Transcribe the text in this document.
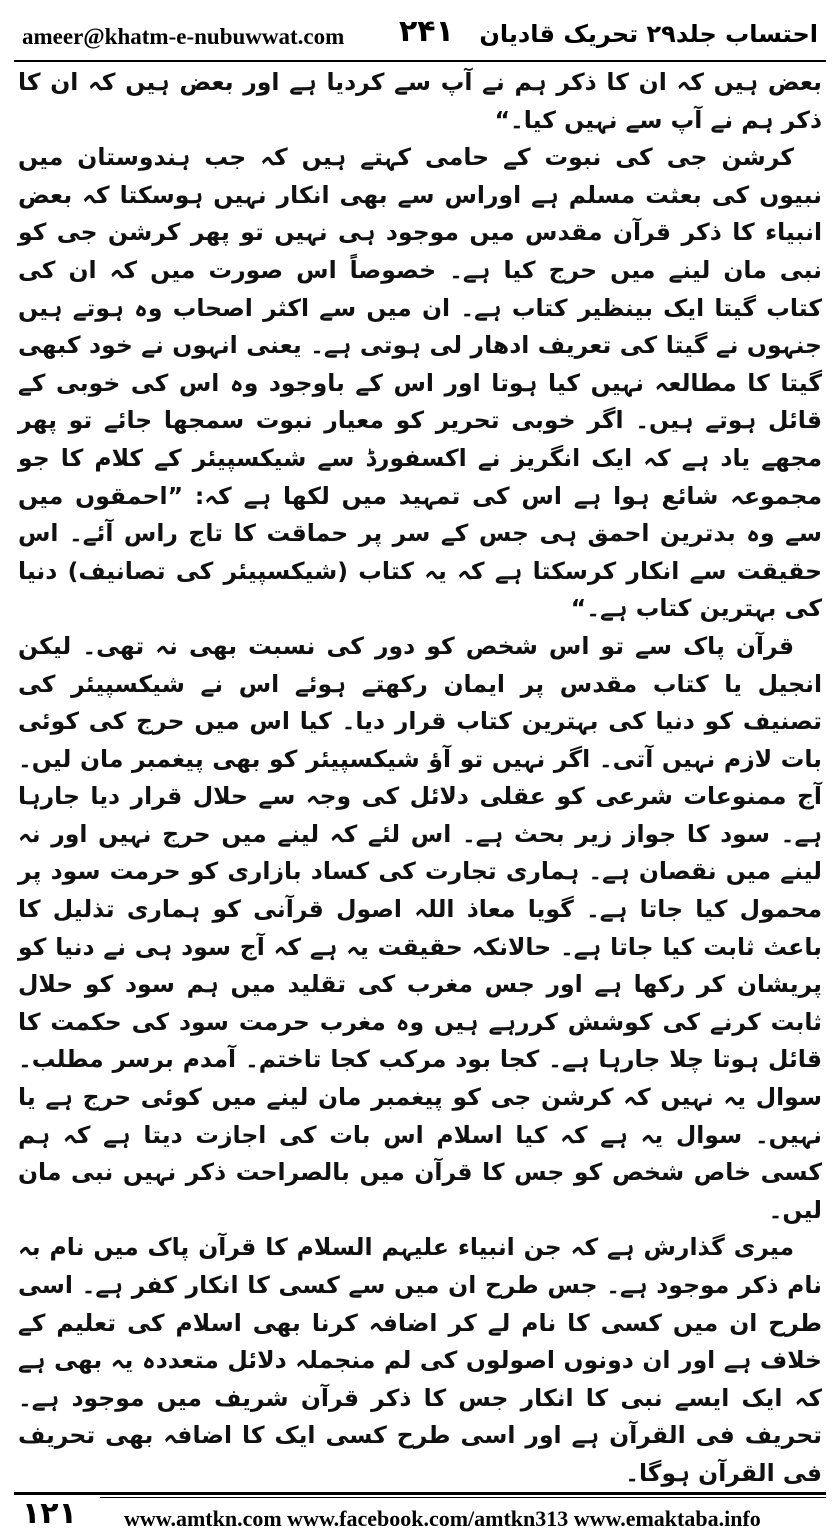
ameer@khatm-e-nubuwwat.com ۲۴۱ احتساب جلد۲۹ تحریک قادیان

بعض ہیں کہ ان کا ذکر ہم نے آپ سے کردیا ہے اور بعض ہیں کہ ان کا ذکر ہم نے آپ سے نہیں کیا۔“

کرشن جی کی نبوت کے حامی کہتے ہیں کہ جب ہندوستان میں نبیوں کی بعثت مسلم ہے اوراس سے بھی انکار نہیں ہوسکتا کہ بعض انبیاء کا ذکر قرآن مقدس میں موجود ہی نہیں تو پھر کرشن جی کو نبی مان لینے میں حرج کیا ہے۔ خصوصاً اس صورت میں کہ ان کی کتاب گیتا ایک بینظیر کتاب ہے۔ ان میں سے اکثر اصحاب وہ ہوتے ہیں جنہوں نے گیتا کی تعریف ادھار لی ہوتی ہے۔ یعنی انہوں نے خود کبھی گیتا کا مطالعہ نہیں کیا ہوتا اور اس کے باوجود وہ اس کی خوبی کے قائل ہوتے ہیں۔ اگر خوبی تحریر کو معیار نبوت سمجھا جائے تو پھر مجھے یاد ہے کہ ایک انگریز نے اکسفورڈ سے شیکسپیئر کے کلام کا جو مجموعہ شائع ہوا ہے اس کی تمہید میں لکھا ہے کہ: ”احمقوں میں سے وہ بدترین احمق ہی جس کے سر پر حماقت کا تاج راس آئے۔ اس حقیقت سے انکار کرسکتا ہے کہ یہ کتاب (شیکسپیئر کی تصانیف) دنیا کی بہترین کتاب ہے۔“

قرآن پاک سے تو اس شخص کو دور کی نسبت بھی نہ تھی۔ لیکن انجیل یا کتاب مقدس پر ایمان رکھتے ہوئے اس نے شیکسپیئر کی تصنیف کو دنیا کی بہترین کتاب قرار دیا۔ کیا اس میں حرج کی کوئی بات لازم نہیں آتی۔ اگر نہیں تو آؤ شیکسپیئر کو بھی پیغمبر مان لیں۔ آج ممنوعات شرعی کو عقلی دلائل کی وجہ سے حلال قرار دیا جارہا ہے۔ سود کا جواز زیر بحث ہے۔ اس لئے کہ لینے میں حرج نہیں اور نہ لینے میں نقصان ہے۔ ہماری تجارت کی کساد بازاری کو حرمت سود پر محمول کیا جاتا ہے۔ گویا معاذ اللہ اصول قرآنی کو ہماری تذلیل کا باعث ثابت کیا جاتا ہے۔ حالانکہ حقیقت یہ ہے کہ آج سود ہی نے دنیا کو پریشان کر رکھا ہے اور جس مغرب کی تقلید میں ہم سود کو حلال ثابت کرنے کی کوشش کررہے ہیں وہ مغرب حرمت سود کی حکمت کا قائل ہوتا چلا جارہا ہے۔ کجا بود مرکب کجا تاختم۔ آمدم برسر مطلب۔ سوال یہ نہیں کہ کرشن جی کو پیغمبر مان لینے میں کوئی حرج ہے یا نہیں۔ سوال یہ ہے کہ کیا اسلام اس بات کی اجازت دیتا ہے کہ ہم کسی خاص شخص کو جس کا قرآن میں بالصراحت ذکر نہیں نبی مان لیں۔

میری گذارش ہے کہ جن انبیاء علیہم السلام کا قرآن پاک میں نام بہ نام ذکر موجود ہے۔ جس طرح ان میں سے کسی کا انکار کفر ہے۔ اسی طرح ان میں کسی کا نام لے کر اضافہ کرنا بھی اسلام کی تعلیم کے خلاف ہے اور ان دونوں اصولوں کی لم منجملہ دلائل متعددہ یہ بھی ہے کہ ایک ایسے نبی کا انکار جس کا ذکر قرآن شریف میں موجود ہے۔ تحریف فی القرآن ہے اور اسی طرح کسی ایک کا اضافہ بھی تحریف فی القرآن ہوگا۔

۱۲۱ www.amtkn.com www.facebook.com/amtkn313 www.emaktaba.info
